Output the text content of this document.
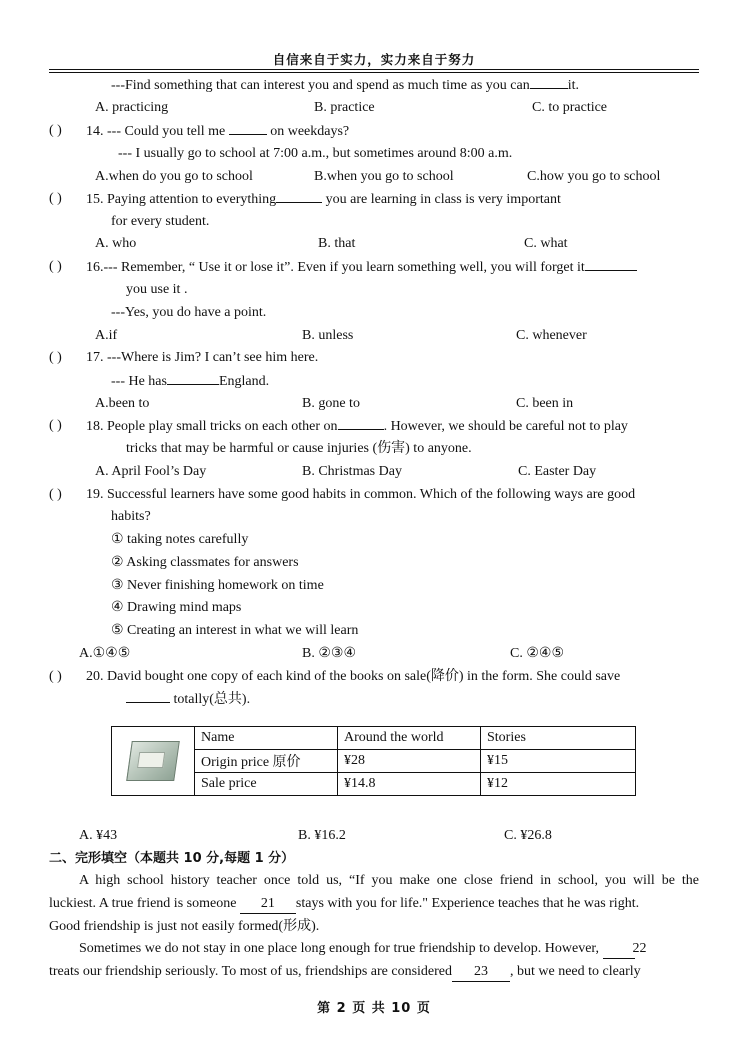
自信来自于实力，实力来自于努力
---Find something that can interest you and spend as much time as you can	it.
A. practicing	B. practice	C. to practice
( ) 14. --- Could you tell me	on weekdays?
--- I usually go to school at 7:00 a.m., but sometimes around 8:00 a.m.
A.when do you go to school	B.when you go to school	C.how you go to school
( ) 15. Paying attention to everything	you are learning in class is very important
for every student.
A. who	B. that	C. what
( ) 16.--- Remember, “ Use it or lose it”. Even if you learn something well, you will forget it
you use it .
---Yes, you do have a point.
A.if	B. unless	C. whenever
( ) 17. ---Where is Jim? I can’t see him here.
--- He has	England.
A.been to	B. gone to	C. been in
( ) 18. People play small tricks on each other on	. However, we should be careful not to play
tricks that may be harmful or cause injuries (伤害) to anyone.
A. April Fool’s Day	B. Christmas Day	C. Easter Day
( ) 19. Successful learners have some good habits in common. Which of the following ways are good
habits?
① taking notes carefully
② Asking classmates for answers
③ Never finishing homework on time
④ Drawing mind maps
⑤ Creating an interest in what we will learn
A.①④⑤	B. ②③④	C. ②④⑤
( ) 20. David bought one copy of each kind of the books on sale(降价) in the form. She could save
totally(总共).
	Name	Around the world	Stories
	Origin price 原价	¥28	¥15
	Sale price	¥14.8	¥12
A. ¥43	B. ¥16.2	C. ¥26.8
二、完形填空（本题共 10 分,每题 1 分）
A high school history teacher once told us, “If you make one close friend in school, you will be the
luckiest. A true friend is someone 21 stays with you for life." Experience teaches that he was right.
Good friendship is just not easily formed(形成).
Sometimes we do not stay in one place long enough for true friendship to develop. However, 22
treats our friendship seriously. To most of us, friendships are considered 23 , but we need to clearly
第 2 页 共 10 页
